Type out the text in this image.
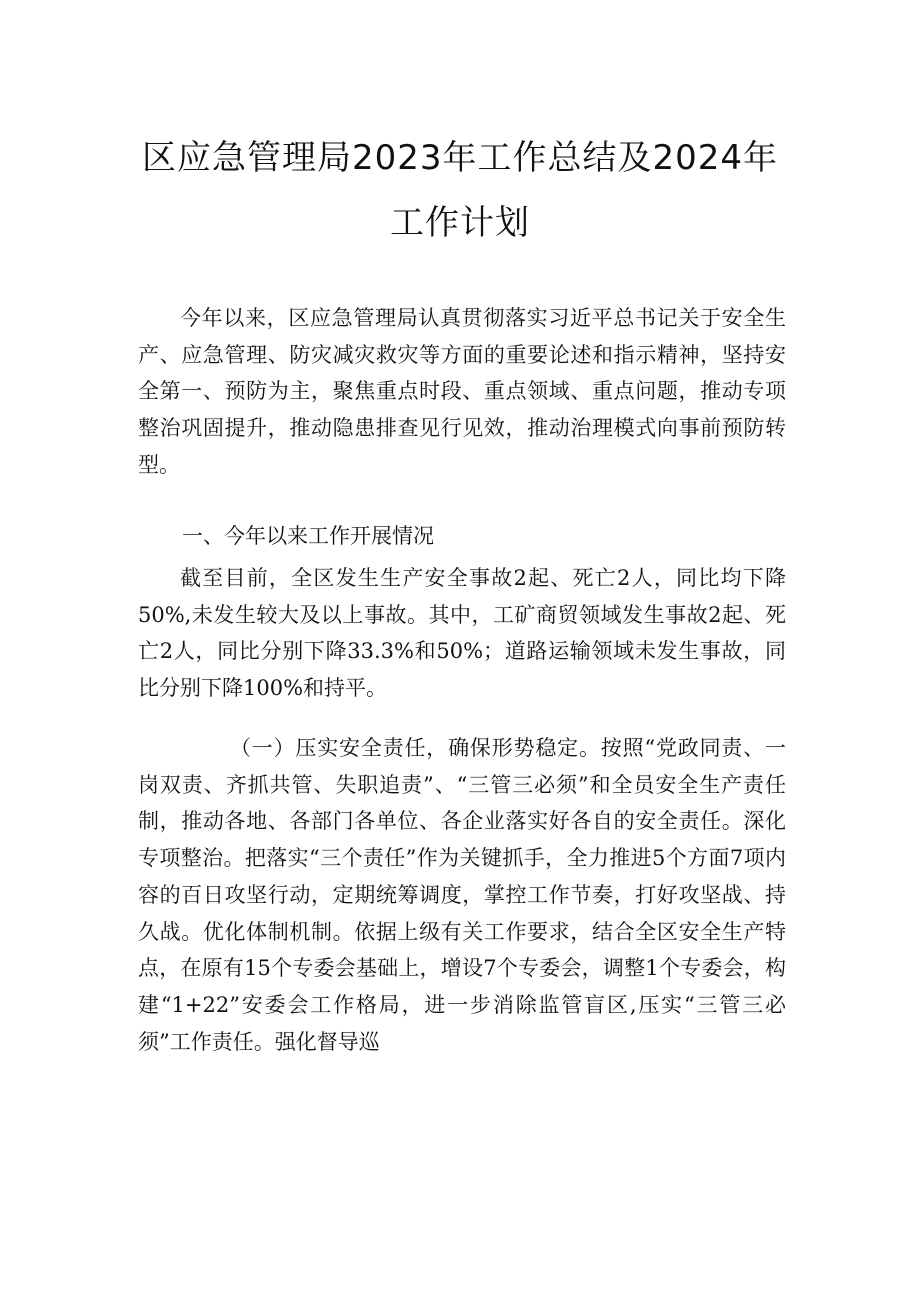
区应急管理局2023年工作总结及2024年
工作计划

今年以来，区应急管理局认真贯彻落实习近平总书记关于安全生产、应急管理、防灾减灾救灾等方面的重要论述和指示精神，坚持安全第一、预防为主，聚焦重点时段、重点领域、重点问题，推动专项整治巩固提升，推动隐患排查见行见效，推动治理模式向事前预防转型。

一、今年以来工作开展情况

截至目前，全区发生生产安全事故2起、死亡2人，同比均下降50%,未发生较大及以上事故。其中，工矿商贸领域发生事故2起、死亡2人，同比分别下降33.3%和50%；道路运输领域未发生事故，同比分别下降100%和持平。

（一）压实安全责任，确保形势稳定。按照“党政同责、一岗双责、齐抓共管、失职追责”、“三管三必须”和全员安全生产责任制，推动各地、各部门各单位、各企业落实好各自的安全责任。深化专项整治。把落实“三个责任”作为关键抓手，全力推进5个方面7项内容的百日攻坚行动，定期统筹调度，掌控工作节奏，打好攻坚战、持久战。优化体制机制。依据上级有关工作要求，结合全区安全生产特点，在原有15个专委会基础上，增设7个专委会，调整1个专委会，构建“1+22”安委会工作格局，进一步消除监管盲区,压实“三管三必须”工作责任。强化督导巡
